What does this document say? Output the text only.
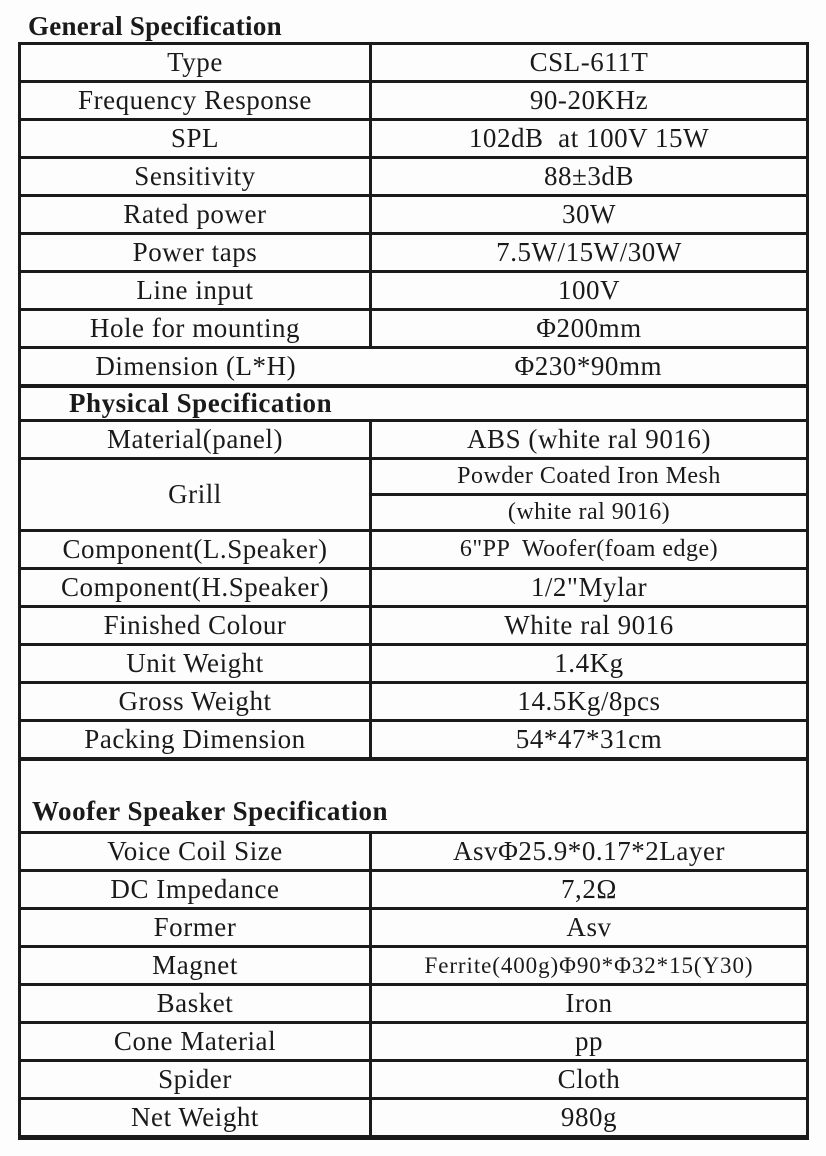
General Specification
Type	CSL-611T
Frequency Response	90-20KHz
SPL	102dB  at 100V 15W
Sensitivity	88±3dB
Rated power	30W
Power taps	7.5W/15W/30W
Line input	100V
Hole for mounting	Φ200mm
Dimension (L*H)	Φ230*90mm
Physical Specification	
Material(panel)	ABS (white ral 9016)
Grill	Powder Coated Iron Mesh
	(white ral 9016)
Component(L.Speaker)	6"PP  Woofer(foam edge)
Component(H.Speaker)	1/2"Mylar
Finished Colour	White ral 9016
Unit Weight	1.4Kg
Gross Weight	14.5Kg/8pcs
Packing Dimension	54*47*31cm
Woofer Speaker Specification	
Voice Coil Size	AsvΦ25.9*0.17*2Layer
DC Impedance	7,2Ω
Former	Asv
Magnet	Ferrite(400g)Φ90*Φ32*15(Y30)
Basket	Iron
Cone Material	pp
Spider	Cloth
Net Weight	980g
